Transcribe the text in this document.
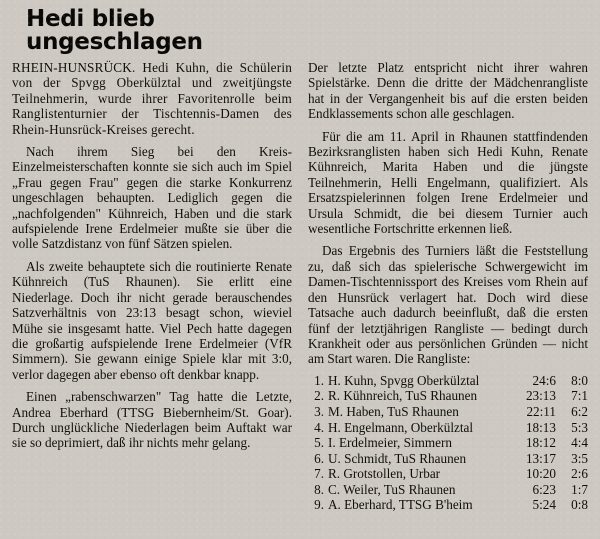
Hedi blieb ungeschlagen

RHEIN-HUNSRÜCK. Hedi Kuhn, die Schülerin von der Spvgg Oberkülztal und zweitjüngste Teilnehmerin, wurde ihrer Favoritenrolle beim Ranglistenturnier der Tischtennis-Damen des Rhein-Hunsrück-Kreises gerecht.

Nach ihrem Sieg bei den Kreis-Einzelmeisterschaften konnte sie sich auch im Spiel „Frau gegen Frau" gegen die starke Konkurrenz ungeschlagen behaupten. Lediglich gegen die „nachfolgenden" Kühnreich, Haben und die stark aufspielende Irene Erdelmeier mußte sie über die volle Satzdistanz von fünf Sätzen spielen.

Als zweite behauptete sich die routinierte Renate Kühnreich (TuS Rhaunen). Sie erlitt eine Niederlage. Doch ihr nicht gerade berauschendes Satzverhältnis von 23:13 besagt schon, wieviel Mühe sie insgesamt hatte. Viel Pech hatte dagegen die großartig aufspielende Irene Erdelmeier (VfR Simmern). Sie gewann einige Spiele klar mit 3:0, verlor dagegen aber ebenso oft denkbar knapp.

Einen „rabenschwarzen" Tag hatte die Letzte, Andrea Eberhard (TTSG Biebernheim/St. Goar). Durch unglückliche Niederlagen beim Auftakt war sie so deprimiert, daß ihr nichts mehr gelang.

Der letzte Platz entspricht nicht ihrer wahren Spielstärke. Denn die dritte der Mädchenrangliste hat in der Vergangenheit bis auf die ersten beiden Endklassements schon alle geschlagen.

Für die am 11. April in Rhaunen stattfindenden Bezirksranglisten haben sich Hedi Kuhn, Renate Kühnreich, Marita Haben und die jüngste Teilnehmerin, Helli Engelmann, qualifiziert. Als Ersatzspielerinnen folgen Irene Erdelmeier und Ursula Schmidt, die bei diesem Turnier auch wesentliche Fortschritte erkennen ließ.

Das Ergebnis des Turniers läßt die Feststellung zu, daß sich das spielerische Schwergewicht im Damen-Tischtennissport des Kreises vom Rhein auf den Hunsrück verlagert hat. Doch wird diese Tatsache auch dadurch beeinflußt, daß die ersten fünf der letztjährigen Rangliste — bedingt durch Krankheit oder aus persönlichen Gründen — nicht am Start waren. Die Rangliste:

1. H. Kuhn, Spvgg Oberkülztal	24:6	8:0
2. R. Kühnreich, TuS Rhaunen	23:13	7:1
3. M. Haben, TuS Rhaunen	22:11	6:2
4. H. Engelmann, Oberkülztal	18:13	5:3
5. I. Erdelmeier, Simmern	18:12	4:4
6. U. Schmidt, TuS Rhaunen	13:17	3:5
7. R. Grotstollen, Urbar	10:20	2:6
8. C. Weiler, TuS Rhaunen	6:23	1:7
9. A. Eberhard, TTSG B'heim	5:24	0:8
